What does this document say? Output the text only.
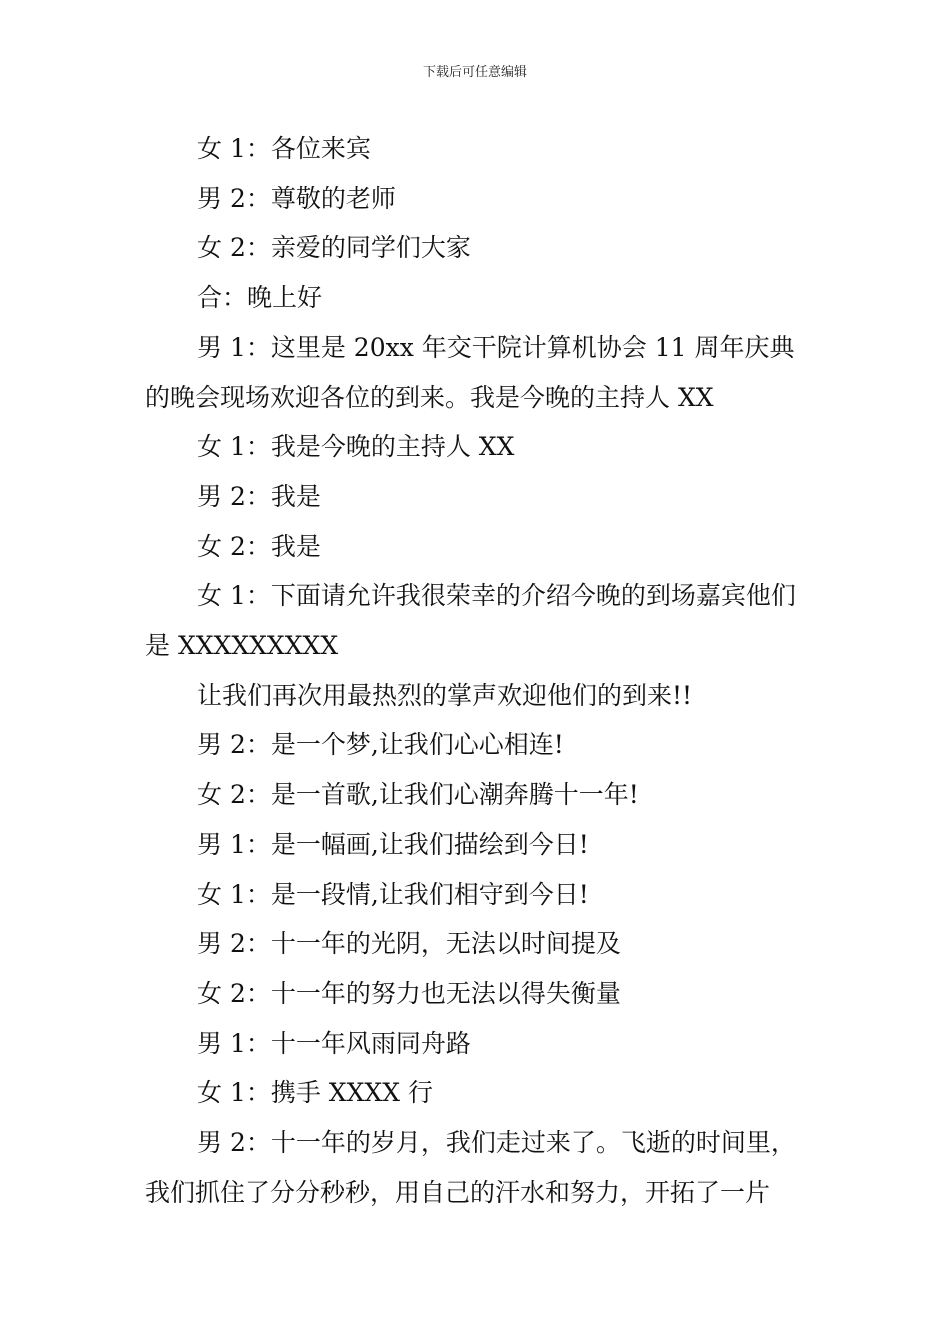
下载后可任意编辑

女 1：各位来宾

男 2：尊敬的老师

女 2：亲爱的同学们大家

合：晚上好

男 1：这里是 20xx 年交干院计算机协会 11 周年庆典的晚会现场欢迎各位的到来。我是今晚的主持人 XX

女 1：我是今晚的主持人 XX

男 2：我是

女 2：我是

女 1：下面请允许我很荣幸的介绍今晚的到场嘉宾他们是 XXXXXXXXX

让我们再次用最热烈的掌声欢迎他们的到来!!

男 2：是一个梦,让我们心心相连!

女 2：是一首歌,让我们心潮奔腾十一年!

男 1：是一幅画,让我们描绘到今日!

女 1：是一段情,让我们相守到今日!

男 2：十一年的光阴，无法以时间提及

女 2：十一年的努力也无法以得失衡量

男 1：十一年风雨同舟路

女 1：携手 XXXX 行

男 2：十一年的岁月，我们走过来了。飞逝的时间里，我们抓住了分分秒秒，用自己的汗水和努力，开拓了一片
